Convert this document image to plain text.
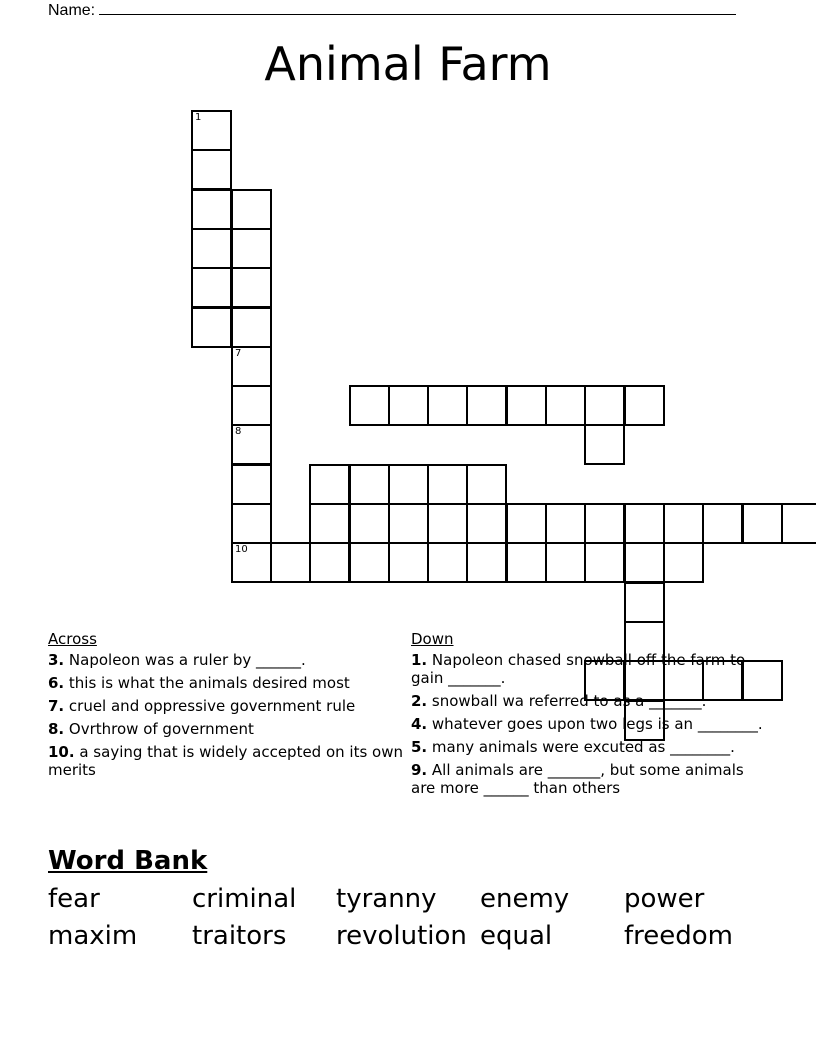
Name:
Animal Farm
1
7
8
10
Across
3. Napoleon was a ruler by ______.
6. this is what the animals desired most
7. cruel and oppressive government rule
8. Ovrthrow of government
10. a saying that is widely accepted on its own merits
Down
1. Napoleon chased snowball off the farm to gain _______.
2. snowball wa referred to as a _______.
4. whatever goes upon two legs is an ________.
5. many animals were excuted as ________.
9. All animals are _______, but some animals are more ______ than others
Word Bank
fear	criminal	tyranny	enemy	power
maxim	traitors	revolution equal	freedom
